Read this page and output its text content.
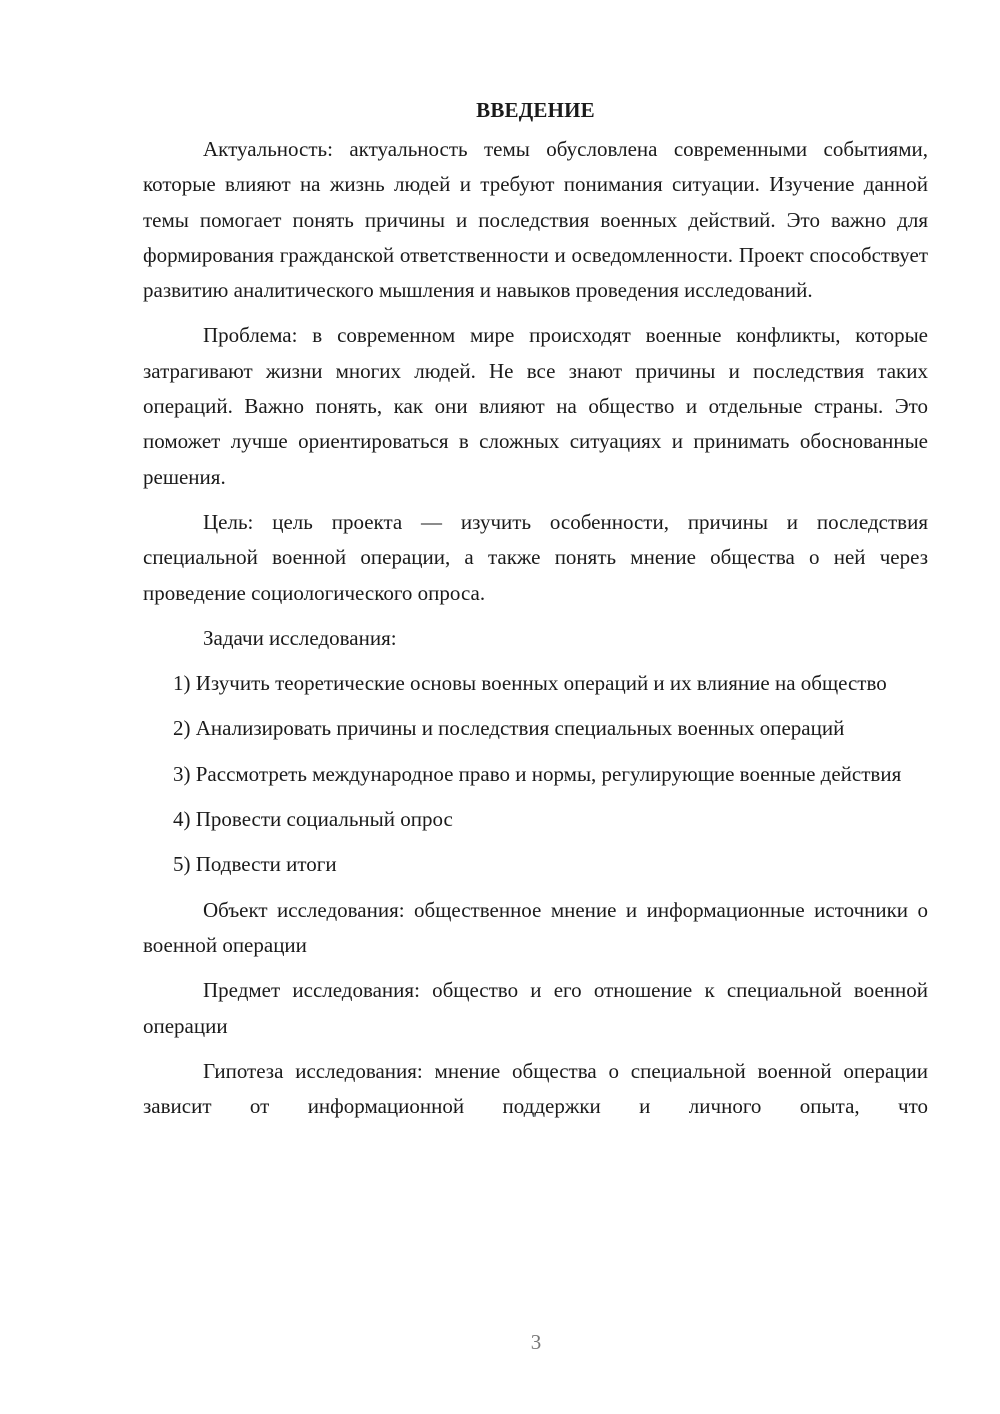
ВВЕДЕНИЕ

Актуальность: актуальность темы обусловлена современными событиями, которые влияют на жизнь людей и требуют понимания ситуации. Изучение данной темы помогает понять причины и последствия военных действий. Это важно для формирования гражданской ответственности и осведомленности. Проект способствует развитию аналитического мышления и навыков проведения исследований.

Проблема: в современном мире происходят военные конфликты, которые затрагивают жизни многих людей. Не все знают причины и последствия таких операций. Важно понять, как они влияют на общество и отдельные страны. Это поможет лучше ориентироваться в сложных ситуациях и принимать обоснованные решения.

Цель: цель проекта — изучить особенности, причины и последствия специальной военной операции, а также понять мнение общества о ней через проведение социологического опроса.

Задачи исследования:

1) Изучить теоретические основы военных операций и их влияние на общество

2) Анализировать причины и последствия специальных военных операций

3) Рассмотреть международное право и нормы, регулирующие военные действия

4) Провести социальный опрос

5) Подвести итоги

Объект исследования: общественное мнение и информационные источники о военной операции

Предмет исследования: общество и его отношение к специальной военной операции

Гипотеза исследования: мнение общества о специальной военной операции зависит от информационной поддержки и личного опыта, что

3
